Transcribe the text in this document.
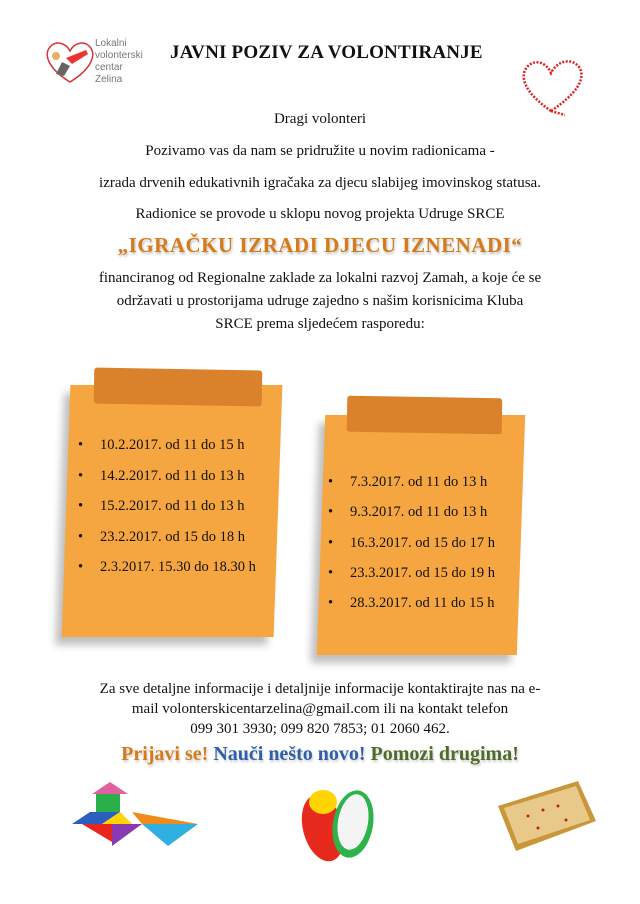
Lokalni
volonterski
centar
Zelina
JAVNI POZIV ZA VOLONTIRANJE
Dragi volonteri
Pozivamo vas da nam se pridružite u novim radionicama -
izrada drvenih edukativnih igračaka za djecu slabijeg imovinskog statusa.
Radionice se provode u sklopu novog projekta Udruge SRCE
„IGRAČKU IZRADI DJECU IZNENADI“
financiranog od Regionalne zaklade za lokalni razvoj Zamah, a koje će se
održavati u prostorijama udruge zajedno s našim korisnicima Kluba
SRCE prema sljedećem rasporedu:
• 10.2.2017. od 11 do 15 h
• 14.2.2017. od 11 do 13 h
• 15.2.2017. od 11 do 13 h
• 23.2.2017. od 15 do 18 h
• 2.3.2017. 15.30 do 18.30 h
• 7.3.2017. od 11 do 13 h
• 9.3.2017. od 11 do 13 h
• 16.3.2017. od 15 do 17 h
• 23.3.2017. od 15 do 19 h
• 28.3.2017. od 11 do 15 h
Za sve detaljne informacije i detaljnije informacije kontaktirajte nas na e-
mail volonterskicentarzelina@gmail.com ili na kontakt telefon
099 301 3930; 099 820 7853; 01 2060 462.
Prijavi se! Nauči nešto novo! Pomozi drugima!
